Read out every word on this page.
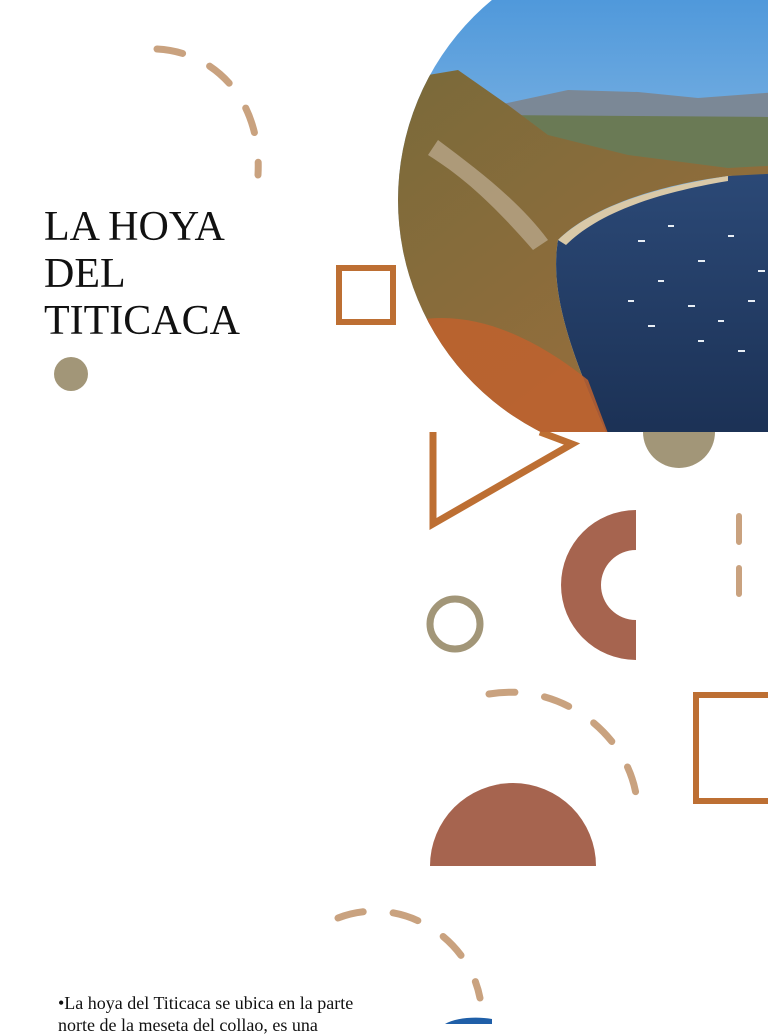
LA HOYA
DEL
TITICACA

•La hoya del Titicaca se ubica en la parte norte de la meseta del collao, es una
